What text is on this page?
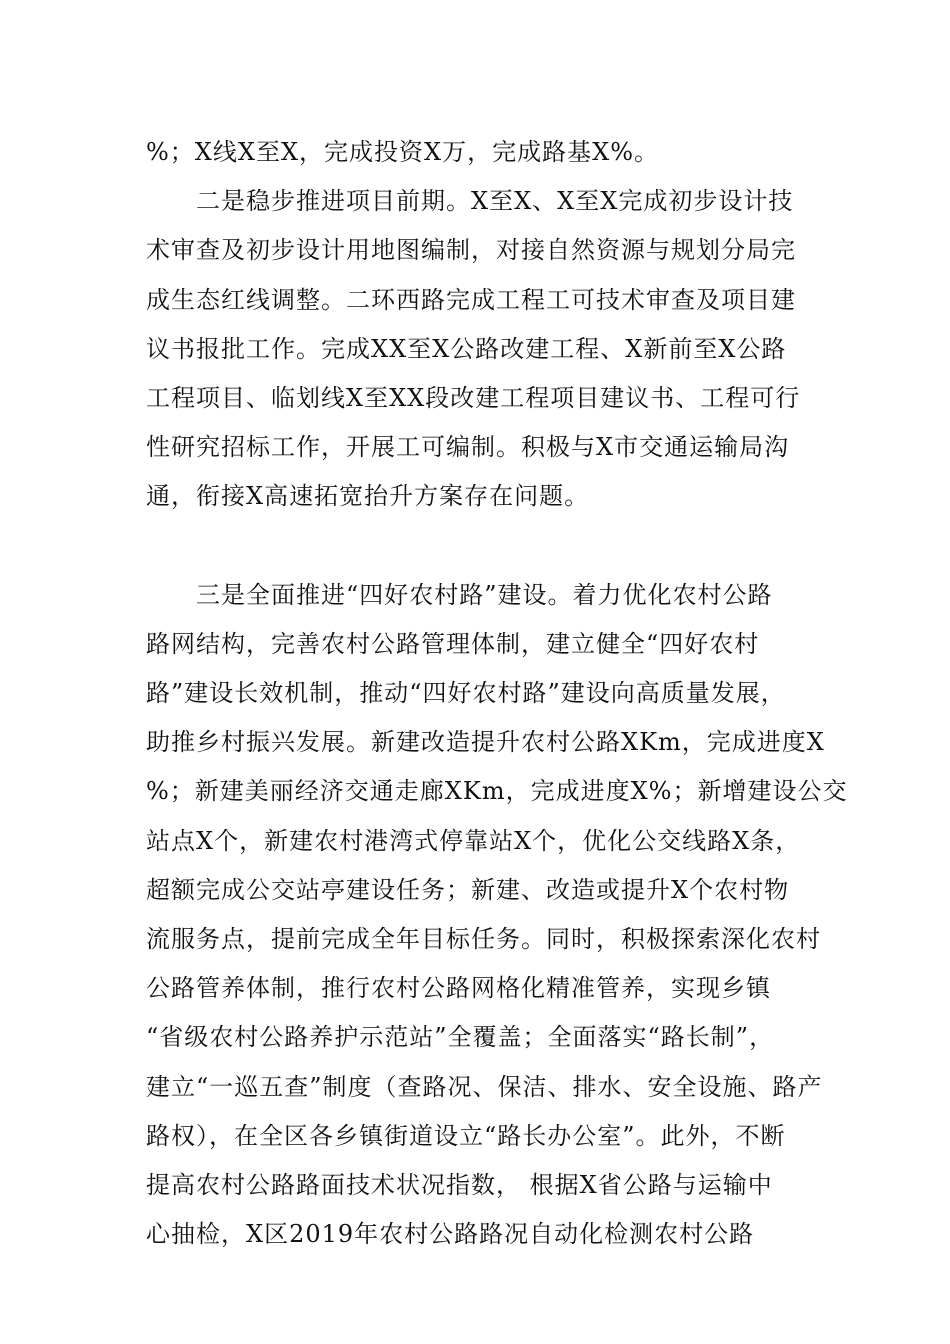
%；X线X至X，完成投资X万，完成路基X%。
二是稳步推进项目前期。X至X、X至X完成初步设计技
术审查及初步设计用地图编制，对接自然资源与规划分局完
成生态红线调整。二环西路完成工程工可技术审查及项目建
议书报批工作。完成XX至X公路改建工程、X新前至X公路
工程项目、临划线X至XX段改建工程项目建议书、工程可行
性研究招标工作，开展工可编制。积极与X市交通运输局沟
通，衔接X高速拓宽抬升方案存在问题。
三是全面推进“四好农村路”建设。着力优化农村公路
路网结构，完善农村公路管理体制，建立健全“四好农村
路”建设长效机制，推动“四好农村路”建设向高质量发展，
助推乡村振兴发展。新建改造提升农村公路XKm，完成进度X
%；新建美丽经济交通走廊XKm，完成进度X%；新增建设公交
站点X个，新建农村港湾式停靠站X个，优化公交线路X条，
超额完成公交站亭建设任务；新建、改造或提升X个农村物
流服务点，提前完成全年目标任务。同时，积极探索深化农村
公路管养体制，推行农村公路网格化精准管养，实现乡镇
“省级农村公路养护示范站”全覆盖；全面落实“路长制”，
建立“一巡五查”制度（查路况、保洁、排水、安全设施、路产
路权），在全区各乡镇街道设立“路长办公室”。此外，不断
提高农村公路路面技术状况指数， 根据X省公路与运输中
心抽检，X区2019年农村公路路况自动化检测农村公路
